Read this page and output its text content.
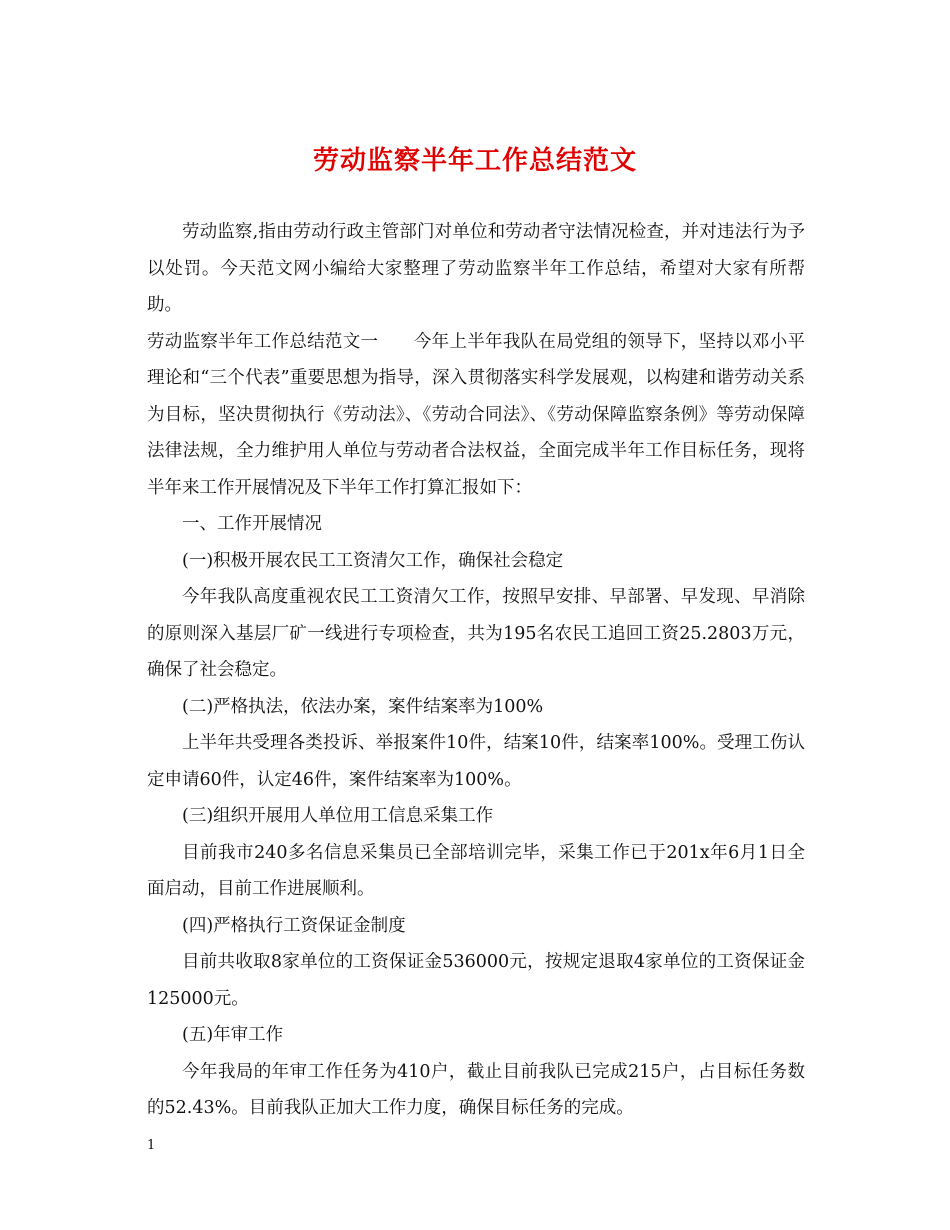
劳动监察半年工作总结范文

劳动监察,指由劳动行政主管部门对单位和劳动者守法情况检查，并对违法行为予以处罚。今天范文网小编给大家整理了劳动监察半年工作总结，希望对大家有所帮助。

劳动监察半年工作总结范文一　　今年上半年我队在局党组的领导下，坚持以邓小平理论和“三个代表”重要思想为指导，深入贯彻落实科学发展观，以构建和谐劳动关系为目标，坚决贯彻执行《劳动法》、《劳动合同法》、《劳动保障监察条例》等劳动保障法律法规，全力维护用人单位与劳动者合法权益，全面完成半年工作目标任务，现将半年来工作开展情况及下半年工作打算汇报如下：

一、工作开展情况

(一)积极开展农民工工资清欠工作，确保社会稳定

今年我队高度重视农民工工资清欠工作，按照早安排、早部署、早发现、早消除的原则深入基层厂矿一线进行专项检查，共为195名农民工追回工资25.2803万元，确保了社会稳定。

(二)严格执法，依法办案，案件结案率为100%

上半年共受理各类投诉、举报案件10件，结案10件，结案率100%。受理工伤认定申请60件，认定46件，案件结案率为100%。

(三)组织开展用人单位用工信息采集工作

目前我市240多名信息采集员已全部培训完毕，采集工作已于201x年6月1日全面启动，目前工作进展顺利。

(四)严格执行工资保证金制度

目前共收取8家单位的工资保证金536000元，按规定退取4家单位的工资保证金125000元。

(五)年审工作

今年我局的年审工作任务为410户，截止目前我队已完成215户，占目标任务数的52.43%。目前我队正加大工作力度，确保目标任务的完成。

1
